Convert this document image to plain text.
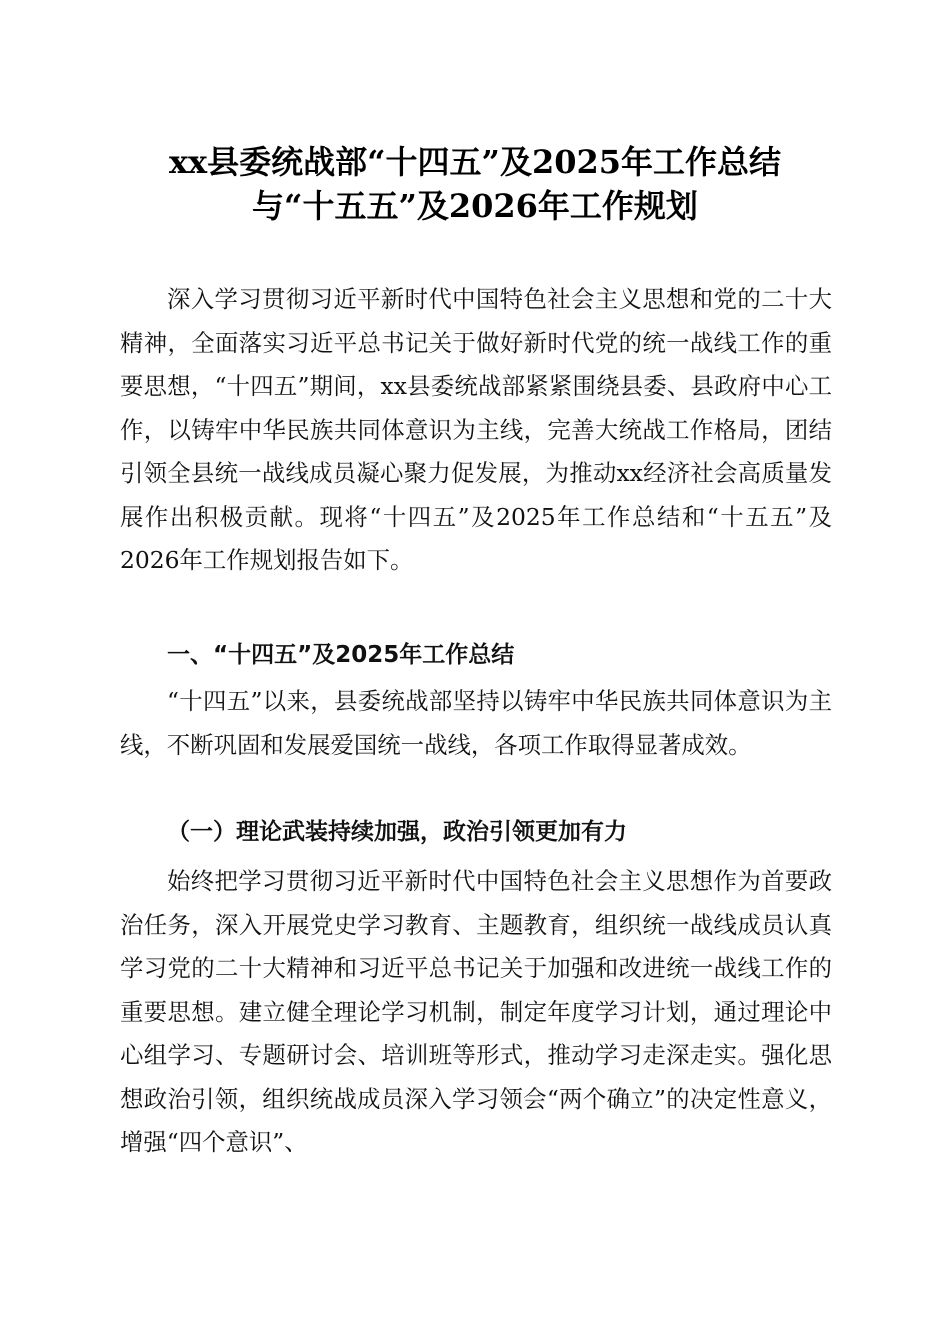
xx县委统战部“十四五”及2025年工作总结
与“十五五”及2026年工作规划

深入学习贯彻习近平新时代中国特色社会主义思想和党的二十大精神，全面落实习近平总书记关于做好新时代党的统一战线工作的重要思想，“十四五”期间，xx县委统战部紧紧围绕县委、县政府中心工作，以铸牢中华民族共同体意识为主线，完善大统战工作格局，团结引领全县统一战线成员凝心聚力促发展，为推动xx经济社会高质量发展作出积极贡献。现将“十四五”及2025年工作总结和“十五五”及2026年工作规划报告如下。

一、“十四五”及2025年工作总结

“十四五”以来，县委统战部坚持以铸牢中华民族共同体意识为主线，不断巩固和发展爱国统一战线，各项工作取得显著成效。

（一）理论武装持续加强，政治引领更加有力

始终把学习贯彻习近平新时代中国特色社会主义思想作为首要政治任务，深入开展党史学习教育、主题教育，组织统一战线成员认真学习党的二十大精神和习近平总书记关于加强和改进统一战线工作的重要思想。建立健全理论学习机制，制定年度学习计划，通过理论中心组学习、专题研讨会、培训班等形式，推动学习走深走实。强化思想政治引领，组织统战成员深入学习领会“两个确立”的决定性意义，增强“四个意识”、
